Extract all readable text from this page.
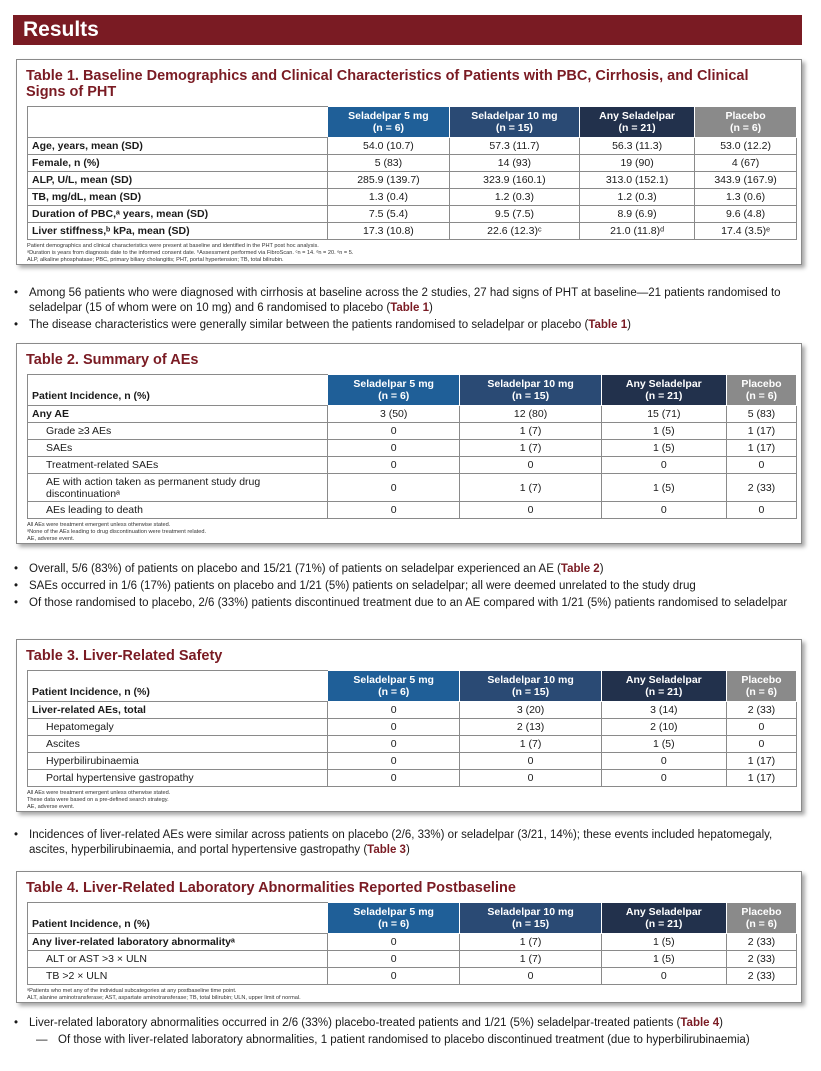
Results
Table 1. Baseline Demographics and Clinical Characteristics of Patients with PBC, Cirrhosis, and Clinical Signs of PHT
	Seladelpar 5 mg
(n = 6)	Seladelpar 10 mg
(n = 15)	Any Seladelpar
(n = 21)	Placebo
(n = 6)
Age, years, mean (SD)	54.0 (10.7)	57.3 (11.7)	56.3 (11.3)	53.0 (12.2)
Female, n (%)	5 (83)	14 (93)	19 (90)	4 (67)
ALP, U/L, mean (SD)	285.9 (139.7)	323.9 (160.1)	313.0 (152.1)	343.9 (167.9)
TB, mg/dL, mean (SD)	1.3 (0.4)	1.2 (0.3)	1.2 (0.3)	1.3 (0.6)
Duration of PBC,ᵃ years, mean (SD)	7.5 (5.4)	9.5 (7.5)	8.9 (6.9)	9.6 (4.8)
Liver stiffness,ᵇ kPa, mean (SD)	17.3 (10.8)	22.6 (12.3)ᶜ	21.0 (11.8)ᵈ	17.4 (3.5)ᵉ
Patient demographics and clinical characteristics were present at baseline and identified in the PHT post hoc analysis.
ᵃDuration is years from diagnosis date to the informed consent date. ᵇAssessment performed via FibroScan. ᶜn = 14. ᵈn = 20. ᵉn = 5.
ALP, alkaline phosphatase; PBC, primary biliary cholangitis; PHT, portal hypertension; TB, total bilirubin.
• Among 56 patients who were diagnosed with cirrhosis at baseline across the 2 studies, 27 had signs of PHT at baseline—21 patients randomised to seladelpar (15 of whom were on 10 mg) and 6 randomised to placebo (Table 1)
• The disease characteristics were generally similar between the patients randomised to seladelpar or placebo (Table 1)
Table 2. Summary of AEs
Patient Incidence, n (%)	Seladelpar 5 mg
(n = 6)	Seladelpar 10 mg
(n = 15)	Any Seladelpar
(n = 21)	Placebo
(n = 6)
Any AE	3 (50)	12 (80)	15 (71)	5 (83)
Grade ≥3 AEs	0	1 (7)	1 (5)	1 (17)
SAEs	0	1 (7)	1 (5)	1 (17)
Treatment-related SAEs	0	0	0	0
AE with action taken as permanent study drug discontinuationᵃ	0	1 (7)	1 (5)	2 (33)
AEs leading to death	0	0	0	0
All AEs were treatment emergent unless otherwise stated.
ᵃNone of the AEs leading to drug discontinuation were treatment related.
AE, adverse event.
• Overall, 5/6 (83%) of patients on placebo and 15/21 (71%) of patients on seladelpar experienced an AE (Table 2)
• SAEs occurred in 1/6 (17%) patients on placebo and 1/21 (5%) patients on seladelpar; all were deemed unrelated to the study drug
• Of those randomised to placebo, 2/6 (33%) patients discontinued treatment due to an AE compared with 1/21 (5%) patients randomised to seladelpar
Table 3. Liver-Related Safety
Patient Incidence, n (%)	Seladelpar 5 mg
(n = 6)	Seladelpar 10 mg
(n = 15)	Any Seladelpar
(n = 21)	Placebo
(n = 6)
Liver-related AEs, total	0	3 (20)	3 (14)	2 (33)
Hepatomegaly	0	2 (13)	2 (10)	0
Ascites	0	1 (7)	1 (5)	0
Hyperbilirubinaemia	0	0	0	1 (17)
Portal hypertensive gastropathy	0	0	0	1 (17)
All AEs were treatment emergent unless otherwise stated.
These data were based on a pre-defined search strategy.
AE, adverse event.
• Incidences of liver-related AEs were similar across patients on placebo (2/6, 33%) or seladelpar (3/21, 14%); these events included hepatomegaly, ascites, hyperbilirubinaemia, and portal hypertensive gastropathy (Table 3)
Table 4. Liver-Related Laboratory Abnormalities Reported Postbaseline
Patient Incidence, n (%)	Seladelpar 5 mg
(n = 6)	Seladelpar 10 mg
(n = 15)	Any Seladelpar
(n = 21)	Placebo
(n = 6)
Any liver-related laboratory abnormalityᵃ	0	1 (7)	1 (5)	2 (33)
ALT or AST >3 × ULN	0	1 (7)	1 (5)	2 (33)
TB >2 × ULN	0	0	0	2 (33)
ᵃPatients who met any of the individual subcategories at any postbaseline time point.
ALT, alanine aminotransferase; AST, aspartate aminotransferase; TB, total bilirubin; ULN, upper limit of normal.
• Liver-related laboratory abnormalities occurred in 2/6 (33%) placebo-treated patients and 1/21 (5%) seladelpar-treated patients (Table 4)
— Of those with liver-related laboratory abnormalities, 1 patient randomised to placebo discontinued treatment (due to hyperbilirubinaemia)
